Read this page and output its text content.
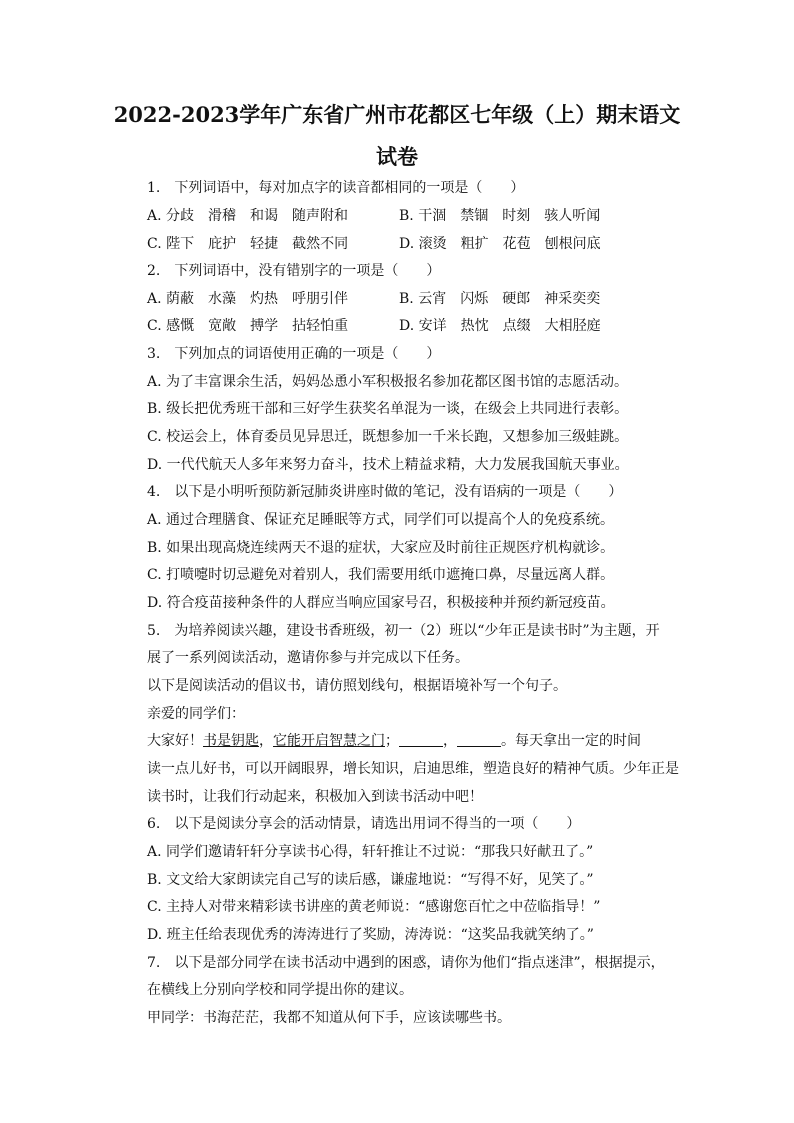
2022-2023学年广东省广州市花都区七年级（上）期末语文
试卷
1.　下列词语中，每对加点字的读音都相同的一项是（　　）
A. 分歧　滑稽　和谒　随声附和	B. 干涸　禁锢　时刻　骇人听闻
C. 陛下　庇护　轻捷　截然不同	D. 滚烫　粗扩　花苞　刨根问底
2.　下列词语中，没有错别字的一项是（　　）
A. 荫蔽　水藻　灼热　呼朋引伴	B. 云宵　闪烁　硬郎　神采奕奕
C. 感慨　宽敞　搏学　拈轻怕重	D. 安详　热忱　点缀　大相胫庭
3.　下列加点的词语使用正确的一项是（　　）
A. 为了丰富课余生活，妈妈怂恿小军积极报名参加花都区图书馆的志愿活动。
B. 级长把优秀班干部和三好学生获奖名单混为一谈，在级会上共同进行表彰。
C. 校运会上，体育委员见异思迁，既想参加一千米长跑，又想参加三级蛙跳。
D. 一代代航天人多年来努力奋斗，技术上精益求精，大力发展我国航天事业。
4.　以下是小明听预防新冠肺炎讲座时做的笔记，没有语病的一项是（　　）
A. 通过合理膳食、保证充足睡眠等方式，同学们可以提高个人的免疫系统。
B. 如果出现高烧连续两天不退的症状，大家应及时前往正规医疗机构就诊。
C. 打喷嚏时切忌避免对着别人，我们需要用纸巾遮掩口鼻，尽量远离人群。
D. 符合疫苗接种条件的人群应当响应国家号召，积极接种并预约新冠疫苗。
5.　为培养阅读兴趣，建设书香班级，初一（2）班以“少年正是读书时”为主题，开
展了一系列阅读活动，邀请你参与并完成以下任务。
以下是阅读活动的倡议书，请仿照划线句，根据语境补写一个句子。
亲爱的同学们：
大家好！书是钥匙，它能开启智慧之门；	，	。每天拿出一定的时间
读一点儿好书，可以开阔眼界，增长知识，启迪思维，塑造良好的精神气质。少年正是
读书时，让我们行动起来，积极加入到读书活动中吧！
6.　以下是阅读分享会的活动情景，请选出用词不得当的一项（　　）
A. 同学们邀请轩轩分享读书心得，轩轩推让不过说：“那我只好献丑了。”
B. 文文给大家朗读完自己写的读后感，谦虚地说：“写得不好，见笑了。”
C. 主持人对带来精彩读书讲座的黄老师说：“感谢您百忙之中莅临指导！”
D. 班主任给表现优秀的涛涛进行了奖励，涛涛说：“这奖品我就笑纳了。”
7.　以下是部分同学在读书活动中遇到的困惑，请你为他们“指点迷津”，根据提示，
在横线上分别向学校和同学提出你的建议。
甲同学：书海茫茫，我都不知道从何下手，应该读哪些书。
